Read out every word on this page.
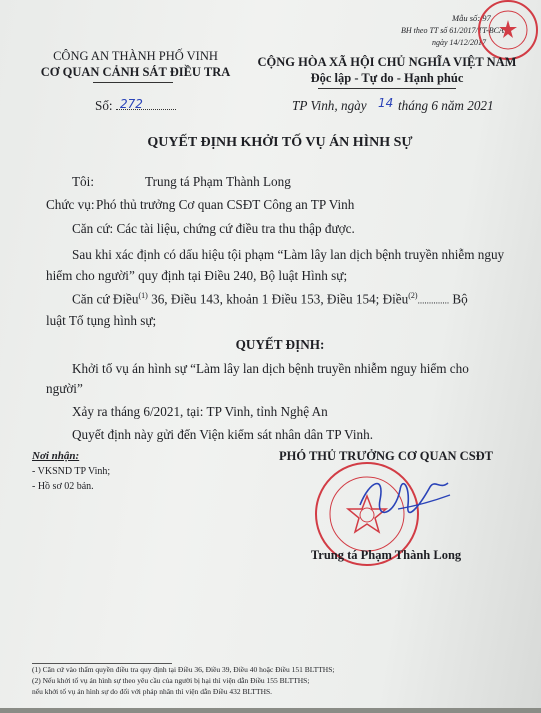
Mẫu số: 97
BH theo TT số 61/2017/TT-BCA
ngày 14/12/2017
CÔNG AN THÀNH PHỐ VINH
CƠ QUAN CẢNH SÁT ĐIỀU TRA
CỘNG HÒA XÃ HỘI CHỦ NGHĨA VIỆT NAM
Độc lập - Tự do - Hạnh phúc
Số: 272	TP Vinh, ngày 14 tháng 6 năm 2021
QUYẾT ĐỊNH KHỞI TỐ VỤ ÁN HÌNH SỰ
Tôi:	Trung tá Phạm Thành Long
Chức vụ: Phó thủ trưởng Cơ quan CSĐT Công an TP Vinh
Căn cứ: Các tài liệu, chứng cứ điều tra thu thập được.
Sau khi xác định có dấu hiệu tội phạm “Làm lây lan dịch bệnh truyền nhiễm nguy hiểm cho người” quy định tại Điều 240, Bộ luật Hình sự;
Căn cứ Điều$^{(1)}$ 36, Điều 143, khoản 1 Điều 153, Điều 154; Điều$^{(2)}$.............. Bộ
luật Tố tụng hình sự;
QUYẾT ĐỊNH:
Khởi tố vụ án hình sự “Làm lây lan dịch bệnh truyền nhiễm nguy hiểm cho người”
Xảy ra tháng 6/2021, tại: TP Vinh, tỉnh Nghệ An
Quyết định này gửi đến Viện kiểm sát nhân dân TP Vinh.
Nơi nhận:
- VKSND TP Vinh;
- Hồ sơ 02 bản.
PHÓ THỦ TRƯỞNG CƠ QUAN CSĐT
Trung tá Phạm Thành Long
(1) Căn cứ vào thẩm quyền điều tra quy định tại Điều 36, Điều 39, Điều 40 hoặc Điều 151 BLTTHS;
(2) Nếu khởi tố vụ án hình sự theo yêu cầu của người bị hại thì viện dẫn Điều 155 BLTTHS;
nếu khởi tố vụ án hình sự do đối với pháp nhân thì viện dẫn Điều 432 BLTTHS.
